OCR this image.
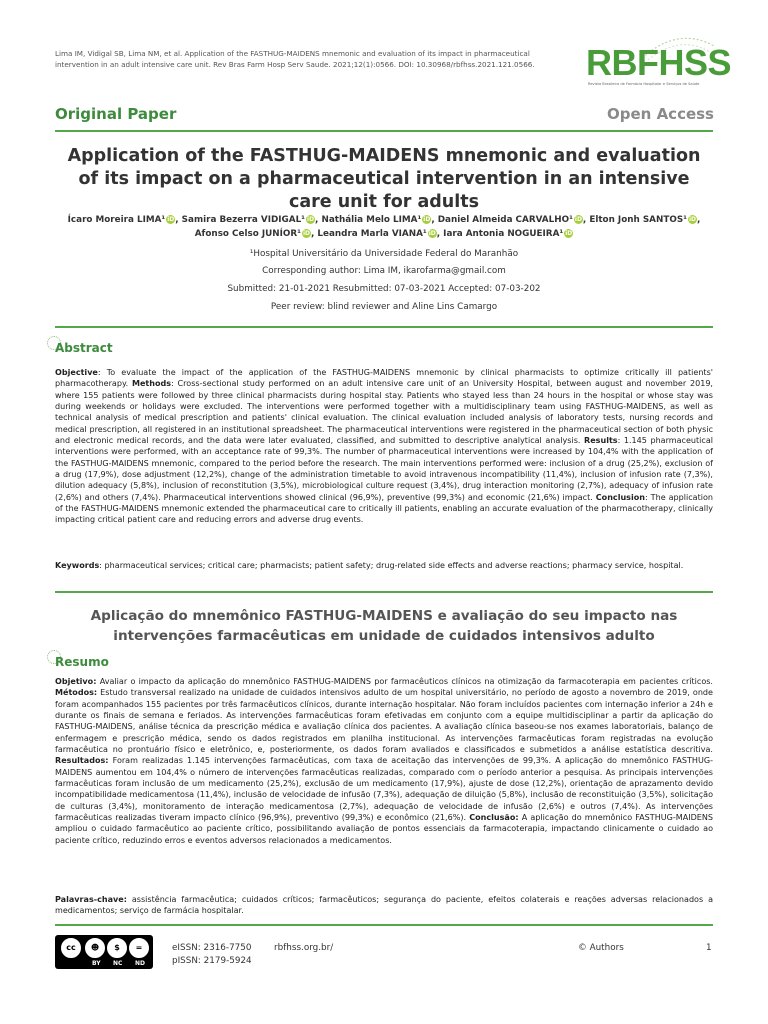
Lima IM, Vidigal SB, Lima NM, et al. Application of the FASTHUG-MAIDENS mnemonic and evaluation of its impact in pharmaceutical intervention in an adult intensive care unit. Rev Bras Farm Hosp Serv Saude. 2021;12(1):0566. DOI: 10.30968/rbfhss.2021.121.0566.	RBFHSS
Revista Brasileira de Farmácia Hospitalar e Serviços de Saúde
Original Paper	Open Access
Application of the FASTHUG-MAIDENS mnemonic and evaluation of its impact on a pharmaceutical intervention in an intensive care unit for adults
Ícaro Moreira LIMA¹ iD, Samira Bezerra VIDIGAL¹ iD, Nathália Melo LIMA¹ iD, Daniel Almeida CARVALHO¹ iD, Elton Jonh SANTOS¹ iD,
Afonso Celso JUNÍOR¹ iD, Leandra Marla VIANA¹ iD, Iara Antonia NOGUEIRA¹ iD
¹Hospital Universitário da Universidade Federal do Maranhão
Corresponding author: Lima IM, ikarofarma@gmail.com
Submitted: 21-01-2021 Resubmitted: 07-03-2021 Accepted: 07-03-202
Peer review: blind reviewer and Aline Lins Camargo
Abstract
Objective: To evaluate the impact of the application of the FASTHUG-MAIDENS mnemonic by clinical pharmacists to optimize critically ill patients' pharmacotherapy. Methods: Cross-sectional study performed on an adult intensive care unit of an University Hospital, between august and november 2019, where 155 patients were followed by three clinical pharmacists during hospital stay. Patients who stayed less than 24 hours in the hospital or whose stay was during weekends or holidays were excluded. The interventions were performed together with a multidisciplinary team using FASTHUG-MAIDENS, as well as technical analysis of medical prescription and patients' clinical evaluation. The clinical evaluation included analysis of laboratory tests, nursing records and medical prescription, all registered in an institutional spreadsheet. The pharmaceutical interventions were registered in the pharmaceutical section of both physic and electronic medical records, and the data were later evaluated, classified, and submitted to descriptive analytical analysis. Results: 1.145 pharmaceutical interventions were performed, with an acceptance rate of 99,3%. The number of pharmaceutical interventions were increased by 104,4% with the application of the FASTHUG-MAIDENS mnemonic, compared to the period before the research. The main interventions performed were: inclusion of a drug (25,2%), exclusion of a drug (17,9%), dose adjustment (12,2%), change of the administration timetable to avoid intravenous incompatibility (11,4%), inclusion of infusion rate (7,3%), dilution adequacy (5,8%), inclusion of reconstitution (3,5%), microbiological culture request (3,4%), drug interaction monitoring (2,7%), adequacy of infusion rate (2,6%) and others (7,4%). Pharmaceutical interventions showed clinical (96,9%), preventive (99,3%) and economic (21,6%) impact. Conclusion: The application of the FASTHUG-MAIDENS mnemonic extended the pharmaceutical care to critically ill patients, enabling an accurate evaluation of the pharmacotherapy, clinically impacting critical patient care and reducing errors and adverse drug events.
Keywords: pharmaceutical services; critical care; pharmacists; patient safety; drug-related side effects and adverse reactions; pharmacy service, hospital.
Aplicação do mnemônico FASTHUG-MAIDENS e avaliação do seu impacto nas intervenções farmacêuticas em unidade de cuidados intensivos adulto
Resumo
Objetivo: Avaliar o impacto da aplicação do mnemônico FASTHUG-MAIDENS por farmacêuticos clínicos na otimização da farmacoterapia em pacientes críticos. Métodos: Estudo transversal realizado na unidade de cuidados intensivos adulto de um hospital universitário, no período de agosto a novembro de 2019, onde foram acompanhados 155 pacientes por três farmacêuticos clínicos, durante internação hospitalar. Não foram incluídos pacientes com internação inferior a 24h e durante os finais de semana e feriados. As intervenções farmacêuticas foram efetivadas em conjunto com a equipe multidisciplinar a partir da aplicação do FASTHUG-MAIDENS, análise técnica da prescrição médica e avaliação clínica dos pacientes. A avaliação clínica baseou-se nos exames laboratoriais, balanço de enfermagem e prescrição médica, sendo os dados registrados em planilha institucional. As intervenções farmacêuticas foram registradas na evolução farmacêutica no prontuário físico e eletrônico, e, posteriormente, os dados foram avaliados e classificados e submetidos a análise estatística descritiva. Resultados: Foram realizadas 1.145 intervenções farmacêuticas, com taxa de aceitação das intervenções de 99,3%. A aplicação do mnemônico FASTHUG-MAIDENS aumentou em 104,4% o número de intervenções farmacêuticas realizadas, comparado com o período anterior a pesquisa. As principais intervenções farmacêuticas foram inclusão de um medicamento (25,2%), exclusão de um medicamento (17,9%), ajuste de dose (12,2%), orientação de aprazamento devido incompatibilidade medicamentosa (11,4%), inclusão de velocidade de infusão (7,3%), adequação de diluição (5,8%), inclusão de reconstituição (3,5%), solicitação de culturas (3,4%), monitoramento de interação medicamentosa (2,7%), adequação de velocidade de infusão (2,6%) e outros (7,4%). As intervenções farmacêuticas realizadas tiveram impacto clínico (96,9%), preventivo (99,3%) e econômico (21,6%). Conclusão: A aplicação do mnemônico FASTHUG-MAIDENS ampliou o cuidado farmacêutico ao paciente crítico, possibilitando avaliação de pontos essenciais da farmacoterapia, impactando clinicamente o cuidado ao paciente crítico, reduzindo erros e eventos adversos relacionados a medicamentos.
Palavras-chave: assistência farmacêutica; cuidados críticos; farmacêuticos; segurança do paciente, efeitos colaterais e reações adversas relacionados a medicamentos; serviço de farmácia hospitalar.
cc	☻	$	=
BY NC ND
eISSN: 2316-7750
pISSN: 2179-5924
rbfhss.org.br/	© Authors	1
